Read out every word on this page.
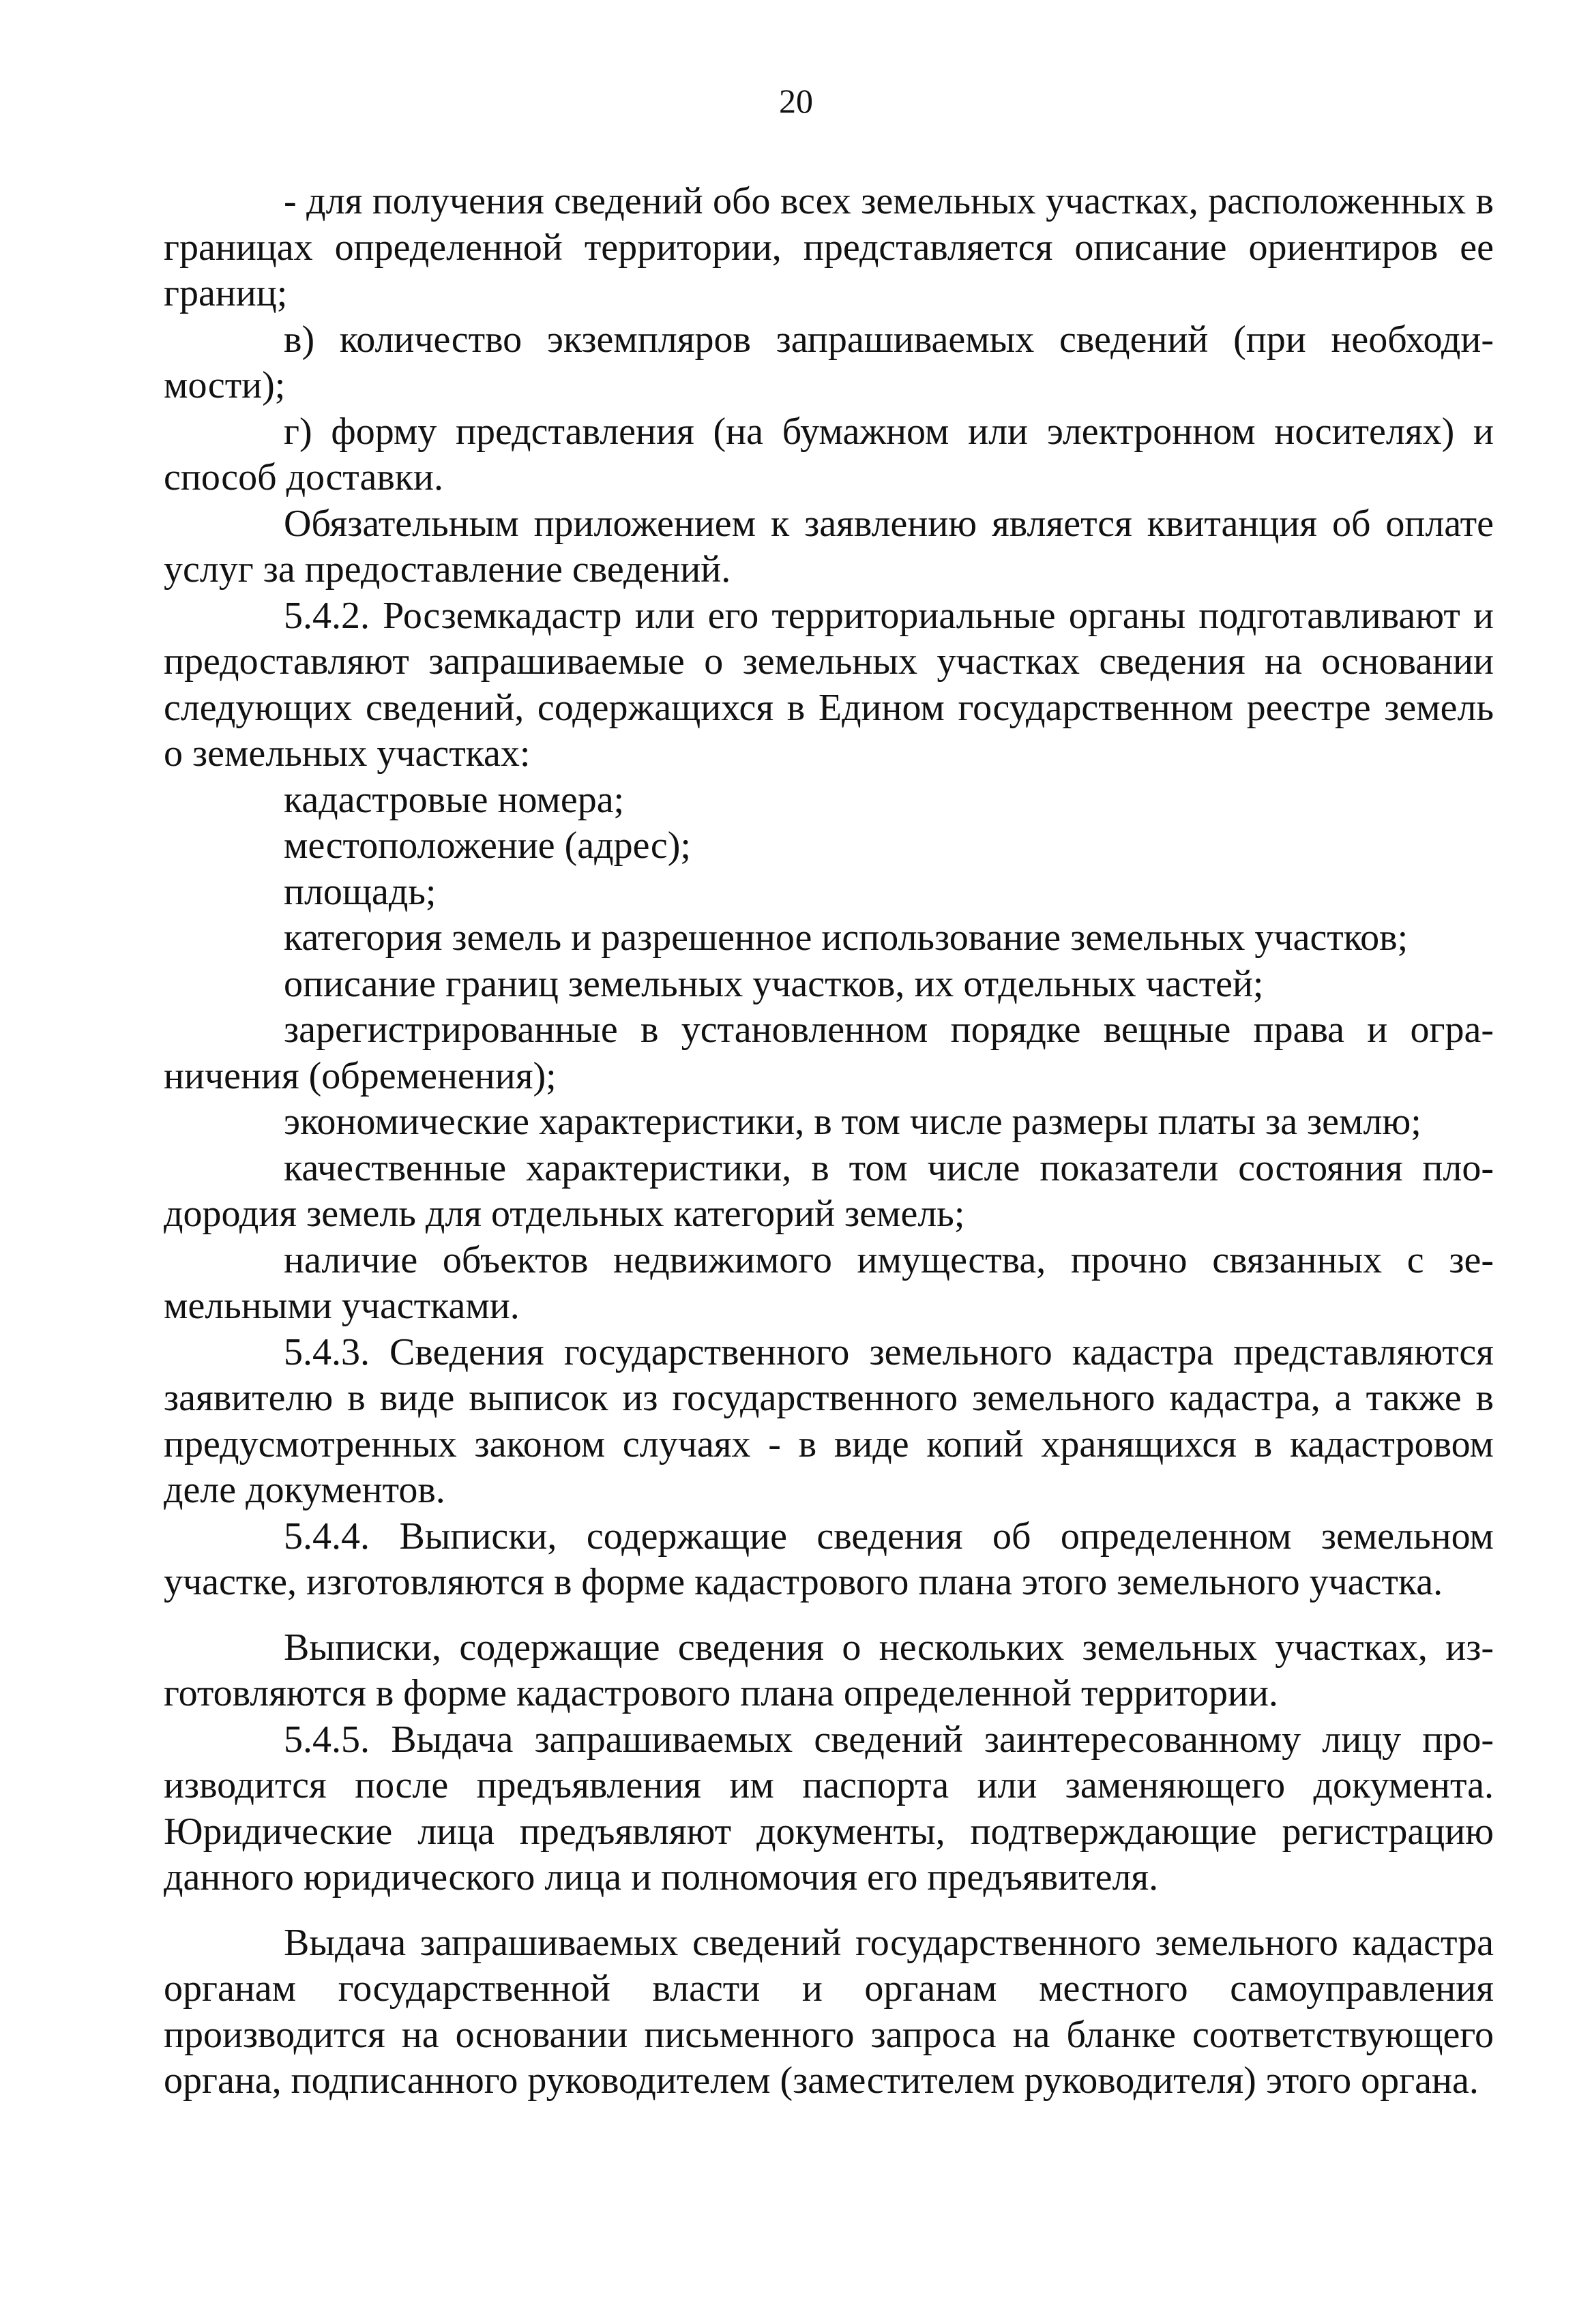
20

- для получения сведений обо всех земельных участках, расположенных в границах определенной территории, представляется описание ориентиров ее границ;

в) количество экземпляров запрашиваемых сведений (при необходимости);

г) форму представления (на бумажном или электронном носителях) и способ доставки.

Обязательным приложением к заявлению является квитанция об оплате услуг за предоставление сведений.

5.4.2. Росземкадастр или его территориальные органы подготавливают и предоставляют запрашиваемые о земельных участках сведения на основании следующих сведений, содержащихся в Едином государственном реестре земель о земельных участках:

кадастровые номера;

местоположение (адрес);

площадь;

категория земель и разрешенное использование земельных участков;

описание границ земельных участков, их отдельных частей;

зарегистрированные в установленном порядке вещные права и ограничения (обременения);

экономические характеристики, в том числе размеры платы за землю;

качественные характеристики, в том числе показатели состояния плодородия земель для отдельных категорий земель;

наличие объектов недвижимого имущества, прочно связанных с земельными участками.

5.4.3. Сведения государственного земельного кадастра представляются заявителю в виде выписок из государственного земельного кадастра, а также в предусмотренных законом случаях - в виде копий хранящихся в кадастровом деле документов.

5.4.4. Выписки, содержащие сведения об определенном земельном участке, изготовляются в форме кадастрового плана этого земельного участка.

Выписки, содержащие сведения о нескольких земельных участках, изготовляются в форме кадастрового плана определенной территории.

5.4.5. Выдача запрашиваемых сведений заинтересованному лицу производится после предъявления им паспорта или заменяющего документа. Юридические лица предъявляют документы, подтверждающие регистрацию данного юридического лица и полномочия его предъявителя.

Выдача запрашиваемых сведений государственного земельного кадастра органам государственной власти и органам местного самоуправления производится на основании письменного запроса на бланке соответствующего органа, подписанного руководителем (заместителем руководителя) этого органа.
